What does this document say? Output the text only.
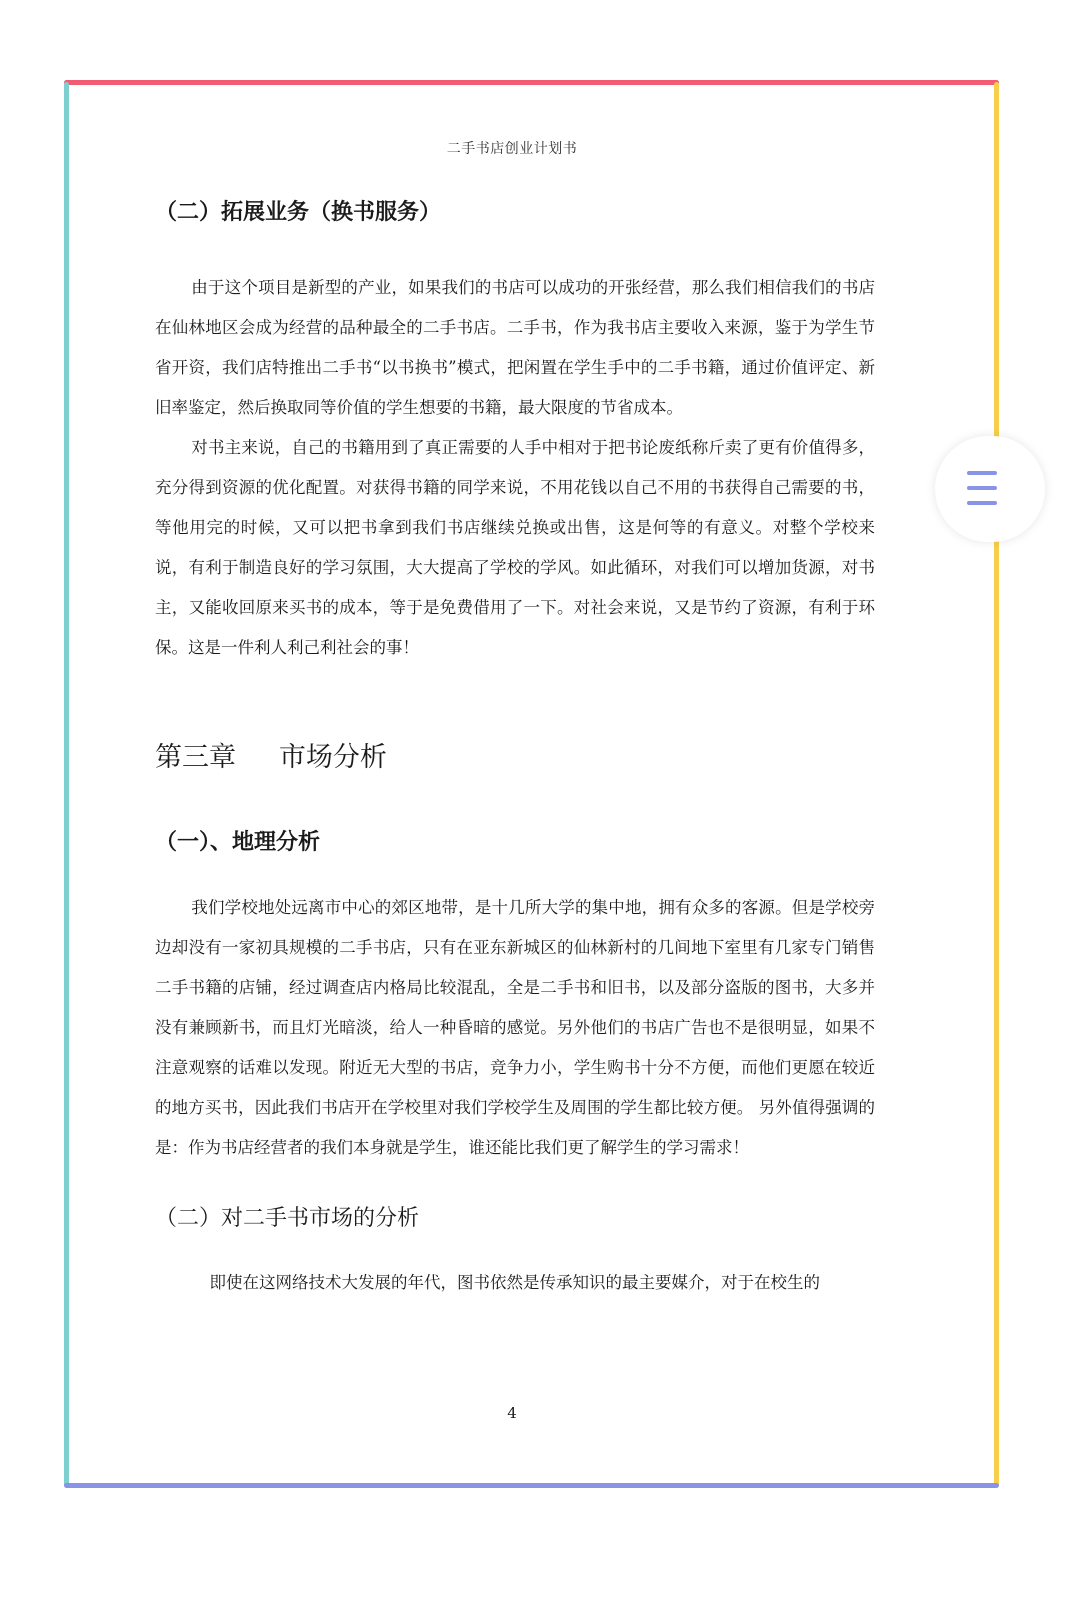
二手书店创业计划书
（二）拓展业务（换书服务）

由于这个项目是新型的产业，如果我们的书店可以成功的开张经营，那么我们相信我们的书店在仙林地区会成为经营的品种最全的二手书店。二手书，作为我书店主要收入来源，鉴于为学生节省开资，我们店特推出二手书“以书换书”模式，把闲置在学生手中的二手书籍，通过价值评定、新旧率鉴定，然后换取同等价值的学生想要的书籍，最大限度的节省成本。

对书主来说，自己的书籍用到了真正需要的人手中相对于把书论废纸称斤卖了更有价值得多，充分得到资源的优化配置。对获得书籍的同学来说，不用花钱以自己不用的书获得自己需要的书，等他用完的时候，又可以把书拿到我们书店继续兑换或出售，这是何等的有意义。对整个学校来说，有利于制造良好的学习氛围，大大提高了学校的学风。如此循环，对我们可以增加货源，对书主，又能收回原来买书的成本，等于是免费借用了一下。对社会来说，又是节约了资源，有利于环保。这是一件利人利己利社会的事！

第三章     市场分析
（一）、地理分析

我们学校地处远离市中心的郊区地带，是十几所大学的集中地，拥有众多的客源。但是学校旁边却没有一家初具规模的二手书店，只有在亚东新城区的仙林新村的几间地下室里有几家专门销售二手书籍的店铺，经过调查店内格局比较混乱，全是二手书和旧书，以及部分盗版的图书，大多并没有兼顾新书，而且灯光暗淡，给人一种昏暗的感觉。另外他们的书店广告也不是很明显，如果不注意观察的话难以发现。附近无大型的书店，竞争力小，学生购书十分不方便，而他们更愿在较近的地方买书，因此我们书店开在学校里对我们学校学生及周围的学生都比较方便。 另外值得强调的是：作为书店经营者的我们本身就是学生，谁还能比我们更了解学生的学习需求！

（二）对二手书市场的分析

即使在这网络技术大发展的年代，图书依然是传承知识的最主要媒介，对于在校生的

4
